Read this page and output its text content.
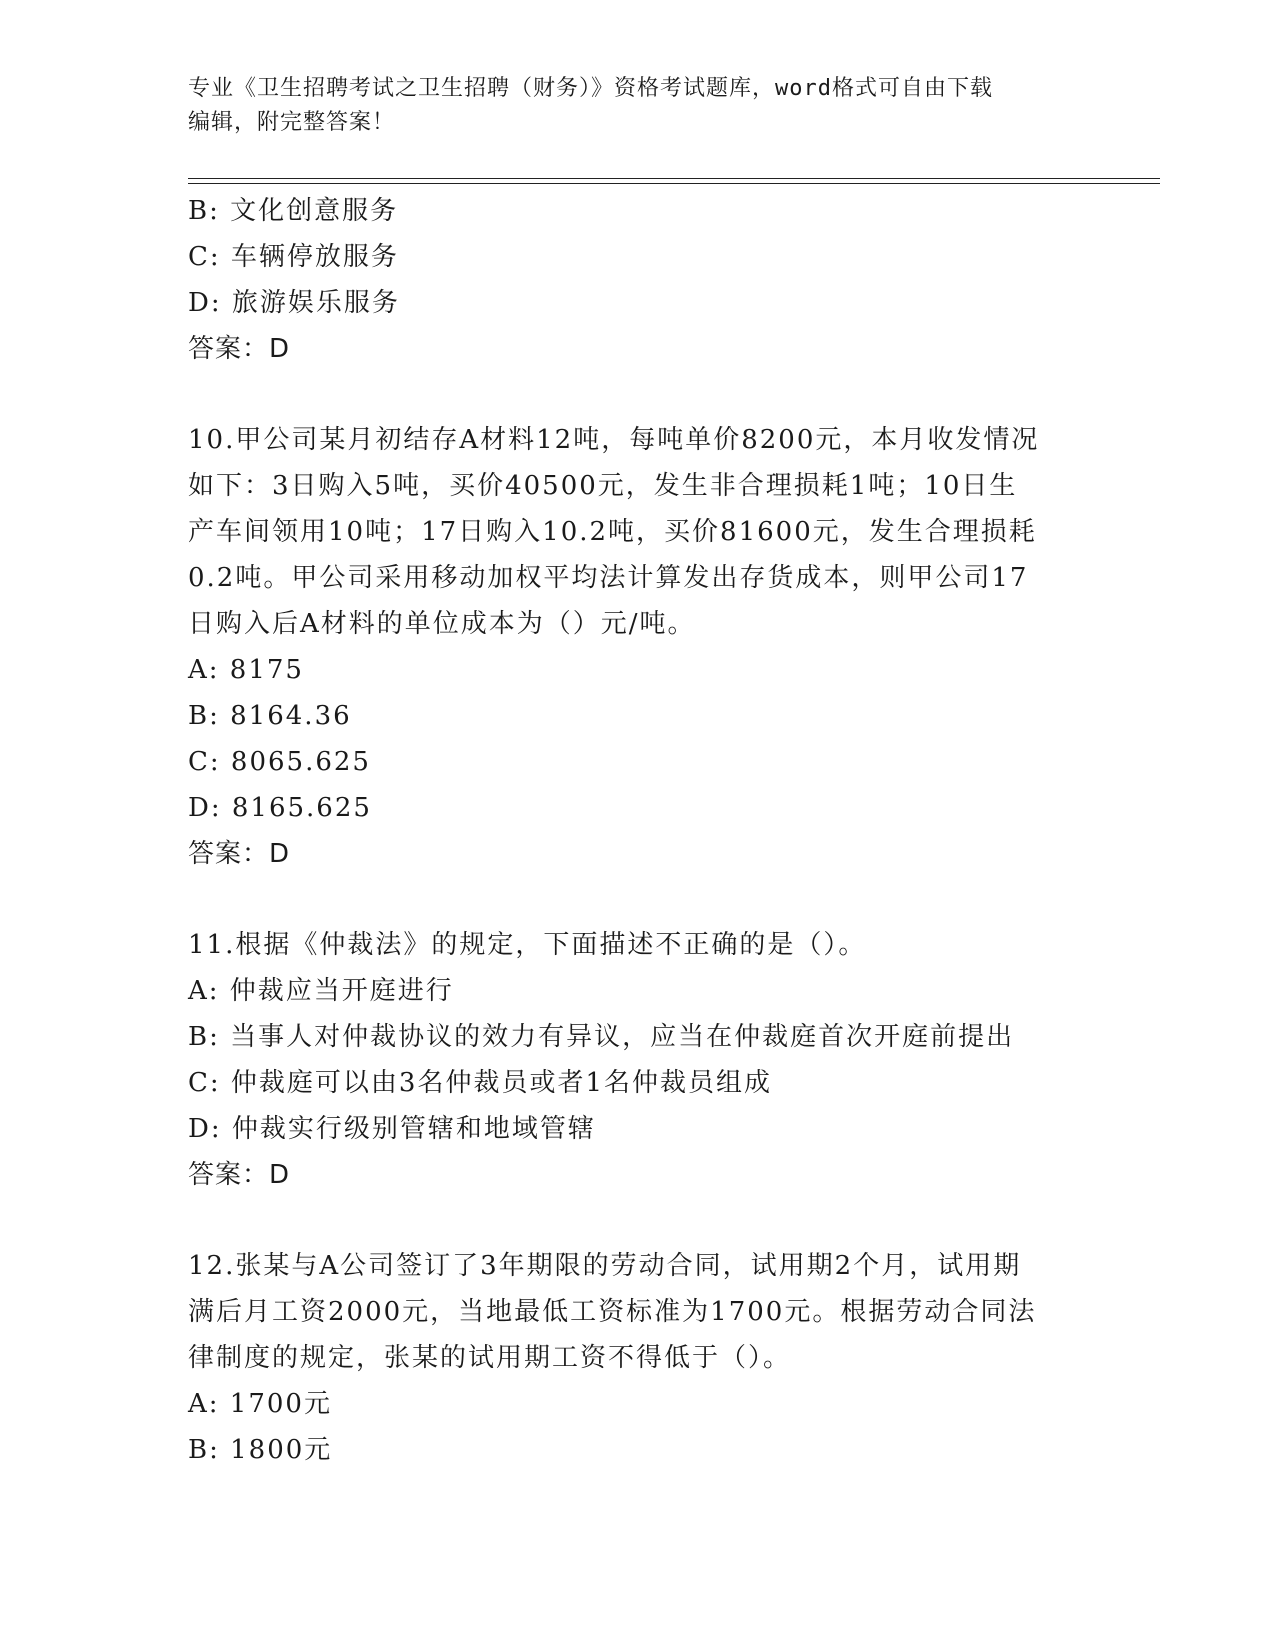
专业《卫生招聘考试之卫生招聘（财务）》资格考试题库，word格式可自由下载
编辑，附完整答案！
B: 文化创意服务
C: 车辆停放服务
D: 旅游娱乐服务
答案：D
10.甲公司某月初结存A材料12吨，每吨单价8200元，本月收发情况
如下：3日购入5吨，买价40500元，发生非合理损耗1吨；10日生
产车间领用10吨；17日购入10.2吨，买价81600元，发生合理损耗
0.2吨。甲公司采用移动加权平均法计算发出存货成本，则甲公司17
日购入后A材料的单位成本为（）元/吨。
A: 8175
B: 8164.36
C: 8065.625
D: 8165.625
答案：D
11.根据《仲裁法》的规定，下面描述不正确的是（）。
A: 仲裁应当开庭进行
B: 当事人对仲裁协议的效力有异议，应当在仲裁庭首次开庭前提出
C: 仲裁庭可以由3名仲裁员或者1名仲裁员组成
D: 仲裁实行级别管辖和地域管辖
答案：D
12.张某与A公司签订了3年期限的劳动合同，试用期2个月，试用期
满后月工资2000元，当地最低工资标准为1700元。根据劳动合同法
律制度的规定，张某的试用期工资不得低于（）。
A: 1700元
B: 1800元
